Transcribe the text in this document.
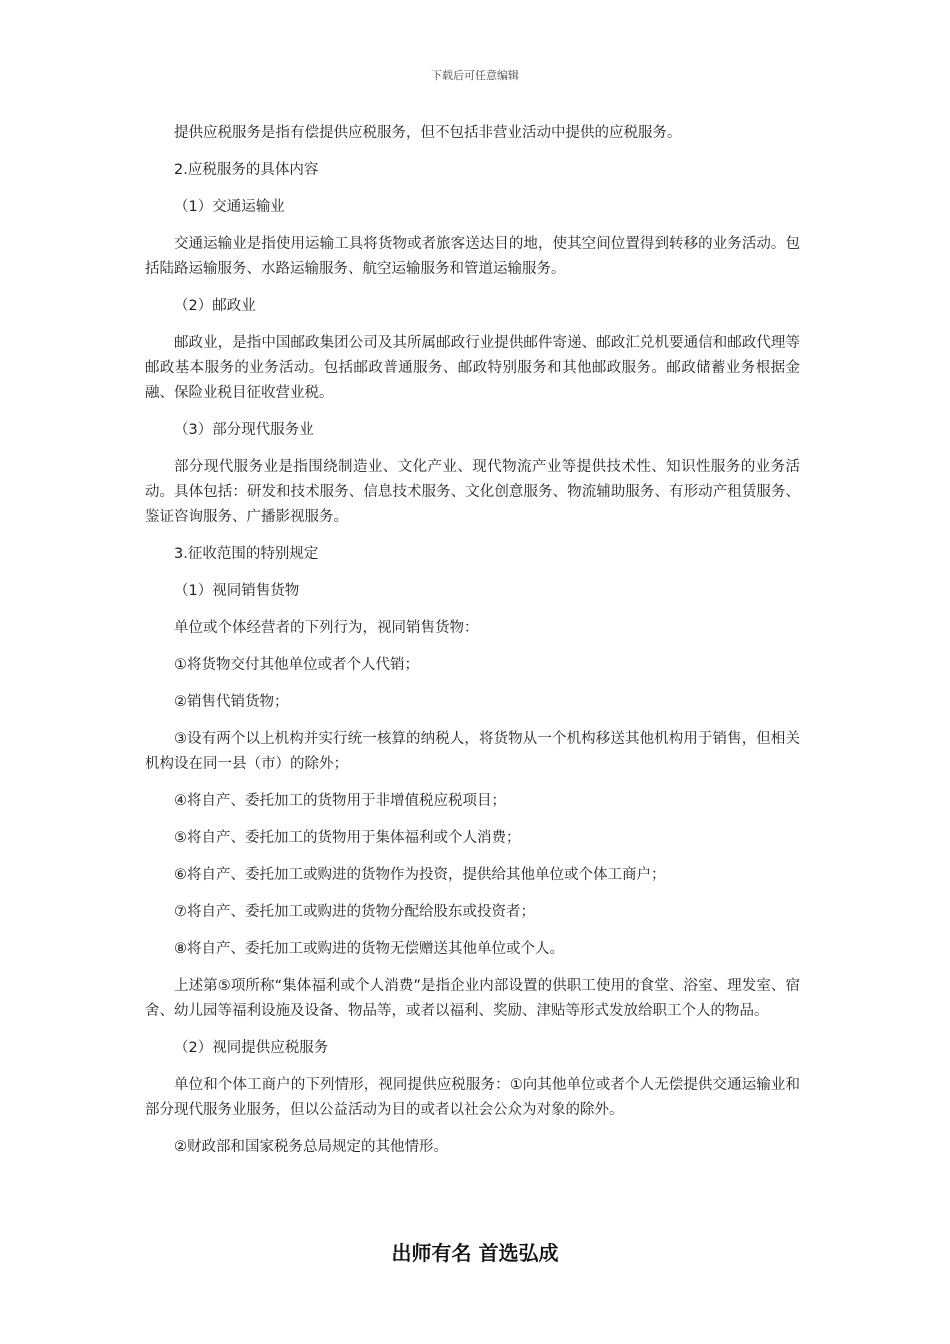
下载后可任意编辑

提供应税服务是指有偿提供应税服务，但不包括非营业活动中提供的应税服务。

2.应税服务的具体内容

（1）交通运输业

交通运输业是指使用运输工具将货物或者旅客送达目的地，使其空间位置得到转移的业务活动。包括陆路运输服务、水路运输服务、航空运输服务和管道运输服务。

（2）邮政业

邮政业，是指中国邮政集团公司及其所属邮政行业提供邮件寄递、邮政汇兑机要通信和邮政代理等邮政基本服务的业务活动。包括邮政普通服务、邮政特别服务和其他邮政服务。邮政储蓄业务根据金融、保险业税目征收营业税。

（3）部分现代服务业

部分现代服务业是指围绕制造业、文化产业、现代物流产业等提供技术性、知识性服务的业务活动。具体包括：研发和技术服务、信息技术服务、文化创意服务、物流辅助服务、有形动产租赁服务、鉴证咨询服务、广播影视服务。

3.征收范围的特别规定

（1）视同销售货物

单位或个体经营者的下列行为，视同销售货物：

①将货物交付其他单位或者个人代销；

②销售代销货物；

③设有两个以上机构并实行统一核算的纳税人，将货物从一个机构移送其他机构用于销售，但相关机构设在同一县（市）的除外；

④将自产、委托加工的货物用于非增值税应税项目；

⑤将自产、委托加工的货物用于集体福利或个人消费；

⑥将自产、委托加工或购进的货物作为投资，提供给其他单位或个体工商户；

⑦将自产、委托加工或购进的货物分配给股东或投资者；

⑧将自产、委托加工或购进的货物无偿赠送其他单位或个人。

上述第⑤项所称“集体福利或个人消费”是指企业内部设置的供职工使用的食堂、浴室、理发室、宿舍、幼儿园等福利设施及设备、物品等，或者以福利、奖励、津贴等形式发放给职工个人的物品。

（2）视同提供应税服务

单位和个体工商户的下列情形，视同提供应税服务：①向其他单位或者个人无偿提供交通运输业和部分现代服务业服务，但以公益活动为目的或者以社会公众为对象的除外。

②财政部和国家税务总局规定的其他情形。

出师有名 首选弘成
